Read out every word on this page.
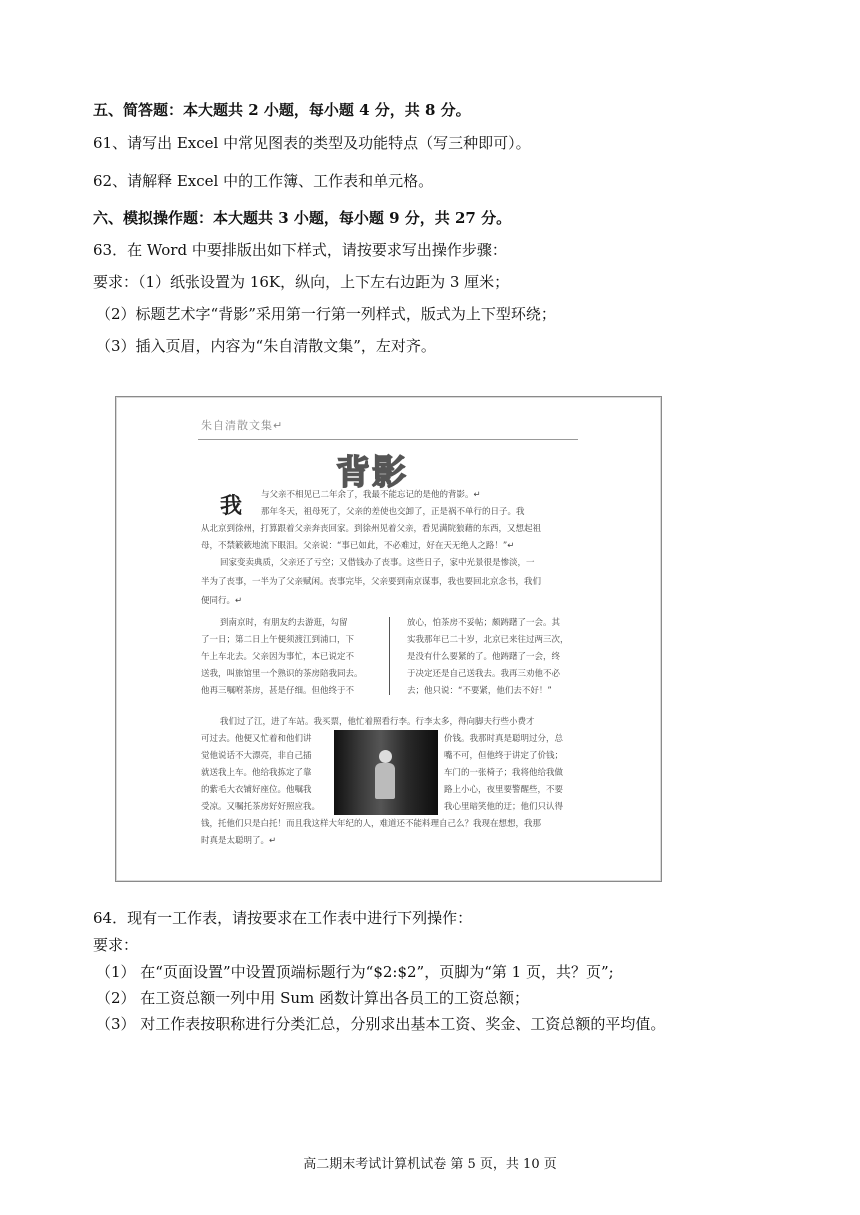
五、简答题：本大题共 2 小题，每小题 4 分，共 8 分。
61、请写出 Excel 中常见图表的类型及功能特点（写三种即可）。
62、请解释 Excel 中的工作簿、工作表和单元格。
六、模拟操作题：本大题共 3 小题，每小题 9 分，共 27 分。
63．在 Word 中要排版出如下样式，请按要求写出操作步骤：
要求：（1）纸张设置为 16K，纵向，上下左右边距为 3 厘米；
（2）标题艺术字“背影”采用第一行第一列样式，版式为上下型环绕；
（3）插入页眉，内容为“朱自清散文集”，左对齐。
朱自清散文集↵
背影
我 与父亲不相见已二年余了，我最不能忘记的是他的背影。↵
那年冬天，祖母死了，父亲的差使也交卸了，正是祸不单行的日子。我
从北京到徐州，打算跟着父亲奔丧回家。到徐州见着父亲，看见满院狼藉的东西，又想起祖
母，不禁簌簌地流下眼泪。父亲说：“事已如此，不必难过，好在天无绝人之路！”↵
回家变卖典质，父亲还了亏空；又借钱办了丧事。这些日子，家中光景很是惨淡，一
半为了丧事，一半为了父亲赋闲。丧事完毕，父亲要到南京谋事，我也要回北京念书，我们
便同行。↵
到南京时，有朋友约去游逛，勾留
了一日；第二日上午便须渡江到浦口，下
午上车北去。父亲因为事忙，本已说定不
送我，叫旅馆里一个熟识的茶房陪我同去。
他再三嘱咐茶房，甚是仔细。但他终于不
放心，怕茶房不妥帖；颇踌躇了一会。其
实我那年已二十岁，北京已来往过两三次，
是没有什么要紧的了。他踌躇了一会，终
于决定还是自己送我去。我再三劝他不必
去；他只说：“不要紧，他们去不好！”
我们过了江，进了车站。我买票，他忙着照看行李。行李太多，得向脚夫行些小费才
可过去。他便又忙着和他们讲	价钱。我那时真是聪明过分，总
觉他说话不大漂亮，非自己插	嘴不可，但他终于讲定了价钱；
就送我上车。他给我拣定了靠	车门的一张椅子；我将他给我做
的紫毛大衣铺好座位。他嘱我	路上小心，夜里要警醒些，不要
受凉。又嘱托茶房好好照应我。	我心里暗笑他的迂；他们只认得
钱，托他们只是白托！而且我这样大年纪的人，难道还不能料理自己么？我现在想想，我那
时真是太聪明了。↵
64．现有一工作表，请按要求在工作表中进行下列操作：
要求：
（1） 在“页面设置”中设置顶端标题行为“$2:$2”，页脚为“第 1 页，共？页”;
（2） 在工资总额一列中用 Sum 函数计算出各员工的工资总额；
（3） 对工作表按职称进行分类汇总，分别求出基本工资、奖金、工资总额的平均值。
高二期末考试计算机试卷 第 5 页，共 10 页
